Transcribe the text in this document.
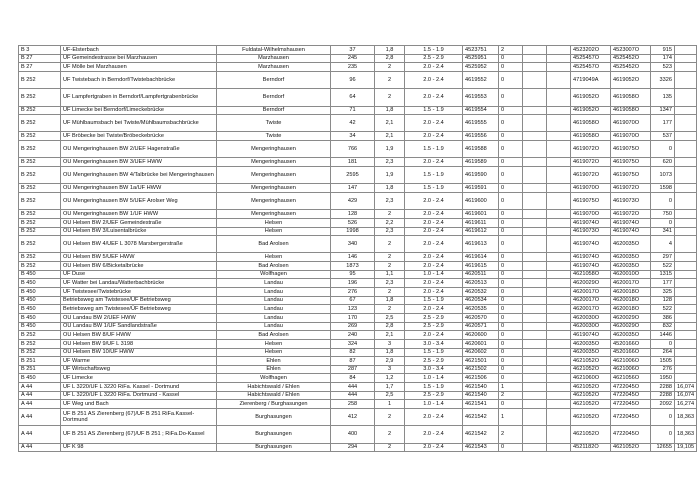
B 3	UF-Elsterbach	Fuldatal-Wilhelmshausen	37	1,8	1.5 - 1.9	4523751	2			4523202O	4523007O	915	
B 27	UF Gemeindestrasse bei Marzhausen	Marzhausen	245	2,8	2.5 - 2.9	4525951	0			4525457O	4525452O	174	
B 27	UF Mölle bei Marzhausen	Marzhausen	235	2	2.0 - 2.4	4525952	0			4525457O	4525452O	523	
B 252	UF Twistebach in Berndorf/Twistebachbrücke	Berndorf	96	2	2.0 - 2.4	4619552	0			4719049A	4619052O	3326	
B 252	UF Lampfertgraben in Berndorf/Lampfertgrabenbrücke	Berndorf	64	2	2.0 - 2.4	4619553	0			4619052O	4619058O	135	
B 252	UF Limecke bei Berndorf/Limeckebrücke	Berndorf	71	1,8	1.5 - 1.9	4619554	0			4619052O	4619058O	1347	
B 252	UF Mühlbaumsbach bei Twiste/Mühlbaumsbachbrücke	Twiste	42	2,1	2.0 - 2.4	4619555	0			4619058O	4619070O	177	
B 252	UF Bröbecke bei Twiste/Bröbeckebrücke	Twiste	34	2,1	2.0 - 2.4	4619556	0			4619058O	4619070O	537	
B 252	OU Mengeringhausen BW 2/UEF Hagenstraße	Mengeringhausen	766	1,9	1.5 - 1.9	4619588	0			4619072O	4619075O	0	
B 252	OU Mengeringhausen BW 3/UEF HWW	Mengeringhausen	181	2,3	2.0 - 2.4	4619589	0			4619072O	4619075O	620	
B 252	OU Mengeringhausen BW 4/Talbrücke bei Mengeringhausen	Mengeringhausen	2595	1,9	1.5 - 1.9	4619590	0			4619072O	4619075O	1073	
B 252	OU Mengeringhausen BW 1a/UF HWW	Mengeringhausen	147	1,8	1.5 - 1.9	4619591	0			4619070O	4619072O	1598	
B 252	OU Mengeringhausen BW 5/UEF Arolser Weg	Mengeringhausen	429	2,3	2.0 - 2.4	4619600	0			4619075O	4619073O	0	
B 252	OU Mengeringhausen BW 1/UF HWW	Mengeringhausen	128	2	2.0 - 2.4	4619601	0			4619070O	4619072O	750	
B 252	OU Helsen BW 2/UEF Gemeindestraße	Helsen	526	2,2	2.0 - 2.4	4619611	0			4619074O	4619074O	0	
B 252	OU Helsen BW 3/Luisentalbrücke	Helsen	1998	2,3	2.0 - 2.4	4619612	0			4619073O	4619074O	341	
B 252	OU Helsen BW 4/UEF L 3078 Marsbergerstraße	Bad Arolsen	340	2	2.0 - 2.4	4619613	0			4619074O	4620035O	4	
B 252	OU Helsen BW 5/UEF HWW	Helsen	146	2	2.0 - 2.4	4619614	0			4619074O	4620035O	297	
B 252	OU Helsen BW 6/Bicketalbrücke	Bad Arolsen	1873	2	2.0 - 2.4	4619615	0			4619074O	4620035O	522	
B 450	UF Duse	Wolfhagen	95	1,1	1.0 - 1.4	4620511	0			4621058O	4620010O	1315	
B 450	UF Watter bei Landau/Watterbachbrücke	Landau	196	2,3	2.0 - 2.4	4620513	0			4620029O	4620017O	177	
B 450	UF Twistesee/Twistebrücke	Landau	276	2	2.0 - 2.4	4620532	0			4620017O	4620018O	325	
B 450	Betriebsweg am Twistesee/ÜF Betriebsweg	Landau	67	1,8	1.5 - 1.9	4620534	0			4620017O	4620018O	128	
B 450	Betriebsweg am Twistesee/ÜF Betriebsweg	Landau	123	2	2.0 - 2.4	4620535	0			4620017O	4620018O	522	
B 450	OU Landau BW 2/UEF HWW	Landau	170	2,5	2.5 - 2.9	4620570	0			4620030O	4620029O	386	
B 450	OU Landau BW 1/UF Sandlandstraße	Landau	269	2,8	2.5 - 2.9	4620571	0			4620030O	4620029O	832	
B 252	OU Helsen BW 8/UF HWW	Bad Arolsen	240	2,1	2.0 - 2.4	4620600	0			4619074O	4620035O	1446	
B 252	OU Helsen BW 9/UF L 3198	Helsen	324	3	3.0 - 3.4	4620601	0			4620035O	4520166O	0	
B 252	OU Helsen BW 10/UF HWW	Helsen	82	1,8	1.5 - 1.9	4620602	0			4620035O	4520166O	264	
B 251	UF Warme	Ehlen	87	2,9	2.5 - 2.9	4621501	0			4621052O	4621006O	1505	
B 251	UF Wirtschaftsweg	Ehlen	287	3	3.0 - 3.4	4621502	0			4621052O	4621006O	276	
B 450	UF Limecke	Wolfhagen	84	1,2	1.0 - 1.4	4621506	0			4621060O	4621056O	1950	
A 44	UF L 3220/UF L 3220 RiFa. Kassel - Dortmund	Habichtswald / Ehlen	444	1,7	1.5 - 1.9	4621540	1			4621052O	4722045O	2288	16,074
A 44	UF L 3220/UF L 3220 RiFa. Dortmund - Kassel	Habichtswald / Ehlen	444	2,5	2.5 - 2.9	4621540	2			4621052O	4722045O	2288	16,074
A 44	UF Weg und Bach	Zierenberg / Burghasungen	258	1	1.0 - 1.4	4621541	0			4621052O	4722045O	2092	16,274
A 44	UF B 251 AS Zierenberg (67)/UF B 251 RiFa.Kassel-Dortmund	Burghasungen	412	2	2.0 - 2.4	4621542	1			4621052O	4722045O	0	18,363
A 44	UF B 251 AS Zierenberg (67)/UF B 251 ; RiFa.Do-Kassel	Burghasungen	400	2	2.0 - 2.4	4621542	2			4621052O	4722045O	0	18,363
A 44	UF K 98	Burghasungen	294	2	2.0 - 2.4	4621543	0			4521182O	4621052O	12655	19,105
